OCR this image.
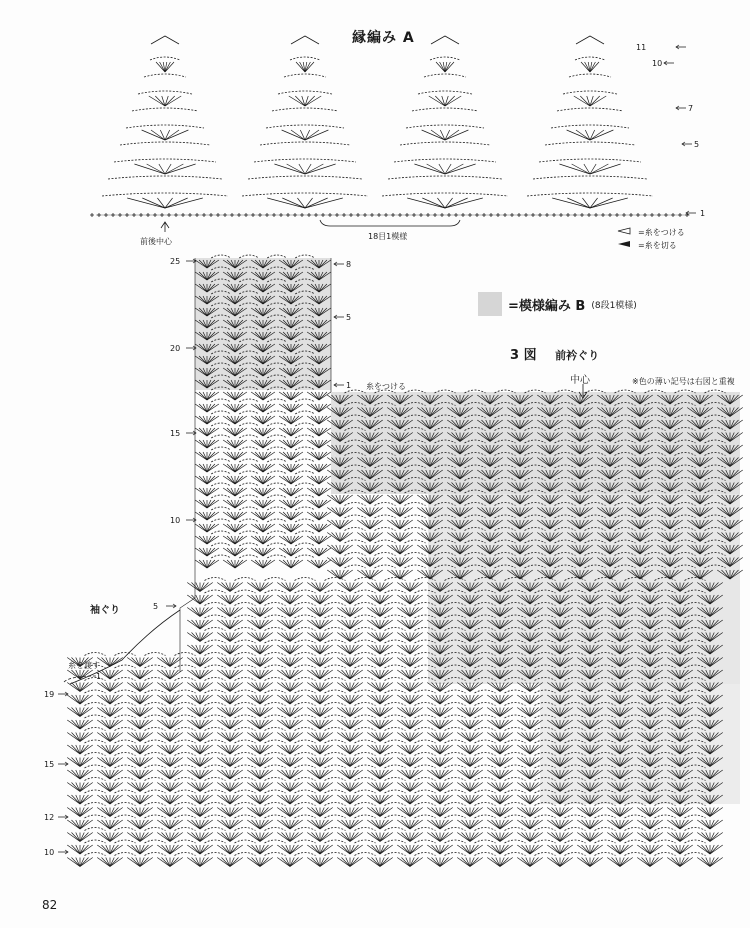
縁編み A
11
10
7
5
1
前後中心
18目1模様	=糸をつける
=糸を切る
=模様編み B (8段1模様)
3 図 前衿ぐり
中心	※色の薄い記号は右図と重複
25
20
15
10
5
8
5
1 糸をつける
袖ぐり
1
糸を渡す
19
15
12
10
82
